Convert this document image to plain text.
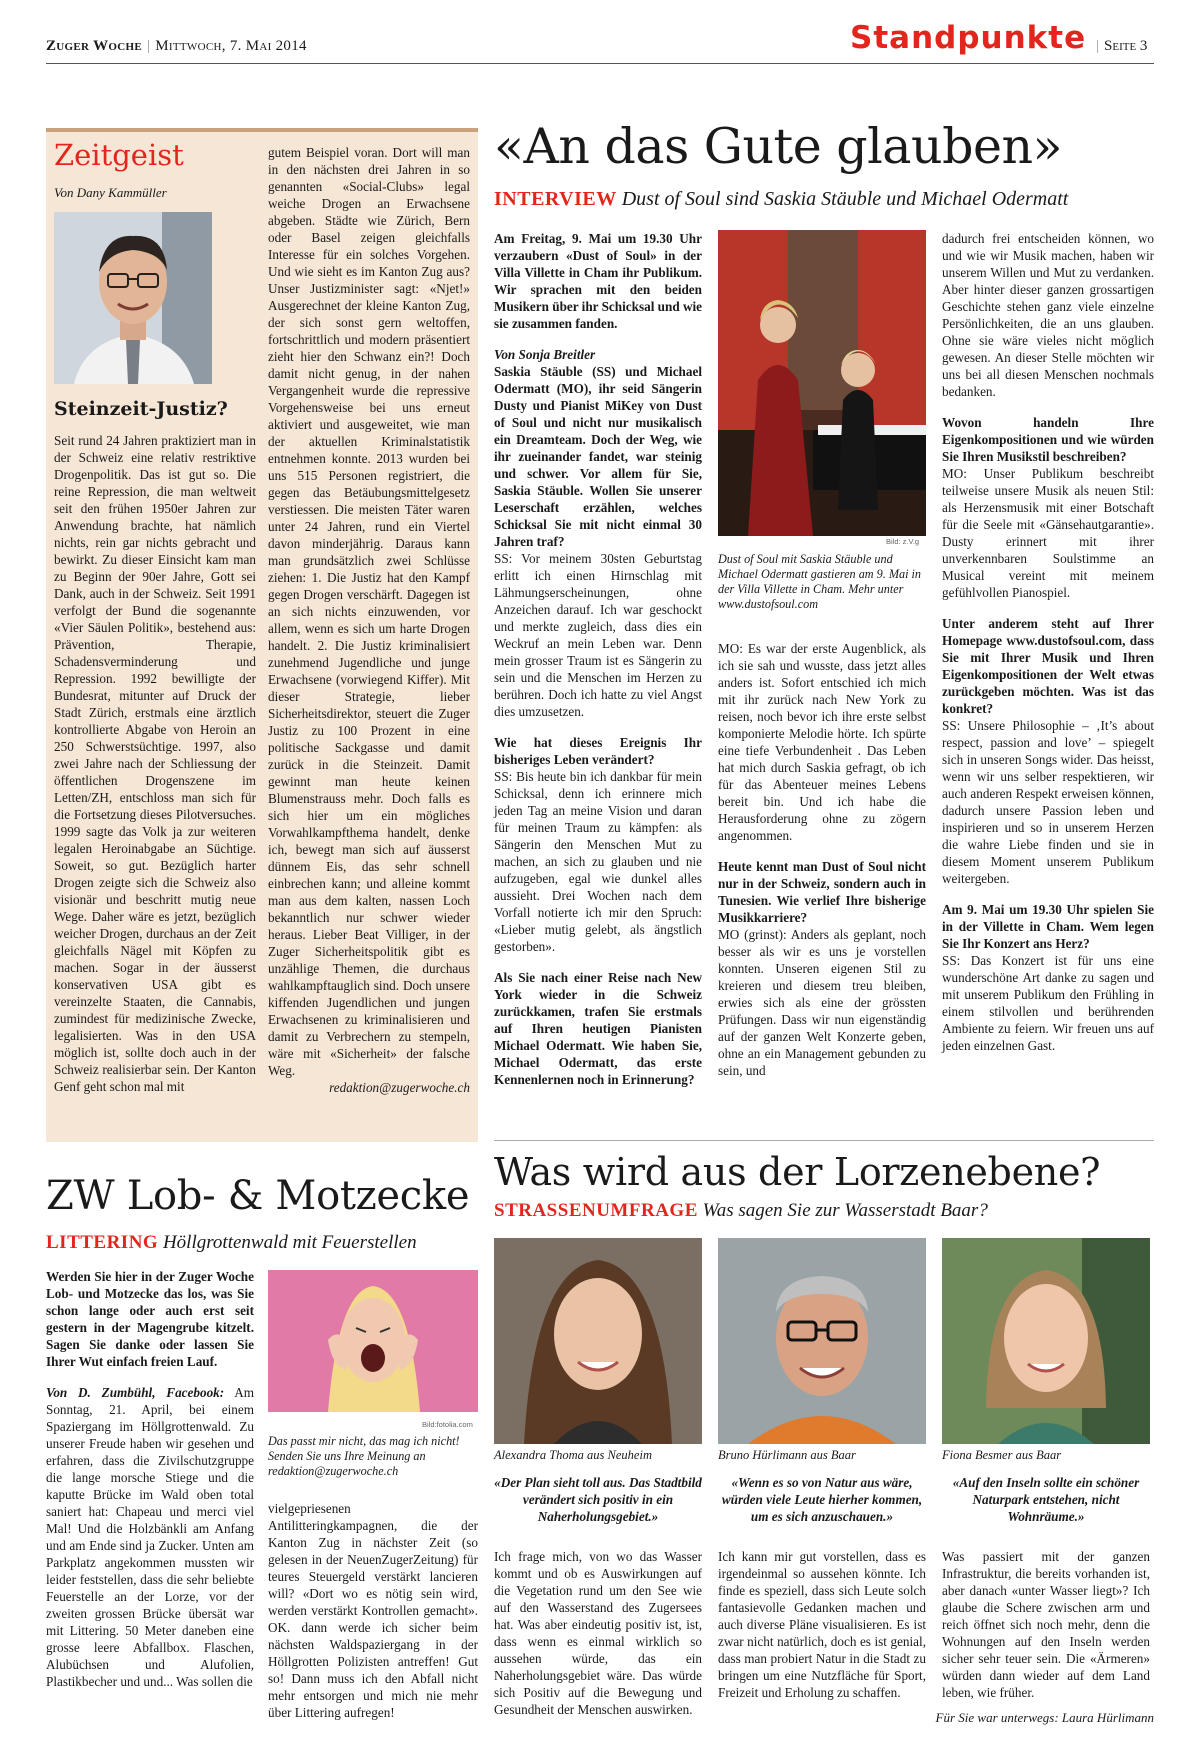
Zuger Woche | Mittwoch, 7. Mai 2014	Standpunkte | Seite 3
Zeitgeist
Von Dany Kammüller
Steinzeit-Justiz?

Seit rund 24 Jahren praktiziert man in der Schweiz eine relativ restriktive Drogenpolitik. Das ist gut so. Die reine Repression, die man weltweit seit den frühen 1950er Jahren zur Anwendung brachte, hat nämlich nichts, rein gar nichts gebracht und bewirkt. Zu dieser Einsicht kam man zu Beginn der 90er Jahre, Gott sei Dank, auch in der Schweiz. Seit 1991 verfolgt der Bund die sogenannte «Vier Säulen Politik», bestehend aus: Prävention, Therapie, Schadensverminderung und Repression. 1992 bewilligte der Bundesrat, mitunter auf Druck der Stadt Zürich, erstmals eine ärztlich kontrollierte Abgabe von Heroin an 250 Schwerstsüchtige. 1997, also zwei Jahre nach der Schliessung der öffentlichen Drogenszene im Letten/ZH, entschloss man sich für die Fortsetzung dieses Pilotversuches. 1999 sagte das Volk ja zur weiteren legalen Heroinabgabe an Süchtige. Soweit, so gut. Bezüglich harter Drogen zeigte sich die Schweiz also visionär und beschritt mutig neue Wege. Daher wäre es jetzt, bezüglich weicher Drogen, durchaus an der Zeit gleichfalls Nägel mit Köpfen zu machen. Sogar in der äusserst konservativen USA gibt es vereinzelte Staaten, die Cannabis, zumindest für medizinische Zwecke, legalisierten. Was in den USA möglich ist, sollte doch auch in der Schweiz realisierbar sein. Der Kanton Genf geht schon mal mit

gutem Beispiel voran. Dort will man in den nächsten drei Jahren in so genannten «Social-Clubs» legal weiche Drogen an Erwachsene abgeben. Städte wie Zürich, Bern oder Basel zeigen gleichfalls Interesse für ein solches Vorgehen. Und wie sieht es im Kanton Zug aus? Unser Justizminister sagt: «Njet!» Ausgerechnet der kleine Kanton Zug, der sich sonst gern weltoffen, fortschrittlich und modern präsentiert zieht hier den Schwanz ein?! Doch damit nicht genug, in der nahen Vergangenheit wurde die repressive Vorgehensweise bei uns erneut aktiviert und ausgeweitet, wie man der aktuellen Kriminalstatistik entnehmen konnte. 2013 wurden bei uns 515 Personen registriert, die gegen das Betäubungsmittelgesetz verstiessen. Die meisten Täter waren unter 24 Jahren, rund ein Viertel davon minderjährig. Daraus kann man grundsätzlich zwei Schlüsse ziehen: 1. Die Justiz hat den Kampf gegen Drogen verschärft. Dagegen ist an sich nichts einzuwenden, vor allem, wenn es sich um harte Drogen handelt. 2. Die Justiz kriminalisiert zunehmend Jugendliche und junge Erwachsene (vorwiegend Kiffer). Mit dieser Strategie, lieber Sicherheitsdirektor, steuert die Zuger Justiz zu 100 Prozent in eine politische Sackgasse und damit zurück in die Steinzeit. Damit gewinnt man heute keinen Blumenstrauss mehr. Doch falls es sich hier um ein mögliches Vorwahlkampfthema handelt, denke ich, bewegt man sich auf äusserst dünnem Eis, das sehr schnell einbrechen kann; und alleine kommt man aus dem kalten, nassen Loch bekanntlich nur schwer wieder heraus. Lieber Beat Villiger, in der Zuger Sicherheitspolitik gibt es unzählige Themen, die durchaus wahlkampftauglich sind. Doch unsere kiffenden Jugendlichen und jungen Erwachsenen zu kriminalisieren und damit zu Verbrechern zu stempeln, wäre mit «Sicherheit» der falsche Weg.

redaktion@zugerwoche.ch

«An das Gute glauben»
INTERVIEW Dust of Soul sind Saskia Stäuble und Michael Odermatt

Am Freitag, 9. Mai um 19.30 Uhr verzaubern «Dust of Soul» in der Villa Villette in Cham ihr Publikum. Wir sprachen mit den beiden Musikern über ihr Schicksal und wie sie zusammen fanden.

Von Sonja Breitler

Saskia Stäuble (SS) und Michael Odermatt (MO), ihr seid Sängerin Dusty und Pianist MiKey von Dust of Soul und nicht nur musikalisch ein Dreamteam. Doch der Weg, wie ihr zueinander fandet, war steinig und schwer. Vor allem für Sie, Saskia Stäuble. Wollen Sie unserer Leserschaft erzählen, welches Schicksal Sie mit nicht einmal 30 Jahren traf?

SS: Vor meinem 30sten Geburtstag erlitt ich einen Hirnschlag mit Lähmungserscheinungen, ohne Anzeichen darauf. Ich war geschockt und merkte zugleich, dass dies ein Weckruf an mein Leben war. Denn mein grosser Traum ist es Sängerin zu sein und die Menschen im Herzen zu berühren. Doch ich hatte zu viel Angst dies umzusetzen.

Wie hat dieses Ereignis Ihr bisheriges Leben verändert?

SS: Bis heute bin ich dankbar für mein Schicksal, denn ich erinnere mich jeden Tag an meine Vision und daran für meinen Traum zu kämpfen: als Sängerin den Menschen Mut zu machen, an sich zu glauben und nie aufzugeben, egal wie dunkel alles aussieht. Drei Wochen nach dem Vorfall notierte ich mir den Spruch: «Lieber mutig gelebt, als ängstlich gestorben».

Als Sie nach einer Reise nach New York wieder in die Schweiz zurückkamen, trafen Sie erstmals auf Ihren heutigen Pianisten Michael Odermatt. Wie haben Sie, Michael Odermatt, das erste Kennenlernen noch in Erinnerung?

Bild: z.V.g
Dust of Soul mit Saskia Stäuble und Michael Odermatt gastieren am 9. Mai in der Villa Villette in Cham. Mehr unter www.dustofsoul.com

MO: Es war der erste Augenblick, als ich sie sah und wusste, dass jetzt alles anders ist. Sofort entschied ich mich mit ihr zurück nach New York zu reisen, noch bevor ich ihre erste selbst komponierte Melodie hörte. Ich spürte eine tiefe Verbundenheit . Das Leben hat mich durch Saskia gefragt, ob ich für das Abenteuer meines Lebens bereit bin. Und ich habe die Herausforderung ohne zu zögern angenommen.

Heute kennt man Dust of Soul nicht nur in der Schweiz, sondern auch in Tunesien. Wie verlief Ihre bisherige Musikkarriere?

MO (grinst): Anders als geplant, noch besser als wir es uns je vorstellen konnten. Unseren eigenen Stil zu kreieren und diesem treu bleiben, erwies sich als eine der grössten Prüfungen. Dass wir nun eigenständig auf der ganzen Welt Konzerte geben, ohne an ein Management gebunden zu sein, und

dadurch frei entscheiden können, wo und wie wir Musik machen, haben wir unserem Willen und Mut zu verdanken. Aber hinter dieser ganzen grossartigen Geschichte stehen ganz viele einzelne Persönlichkeiten, die an uns glauben. Ohne sie wäre vieles nicht möglich gewesen. An dieser Stelle möchten wir uns bei all diesen Menschen nochmals bedanken.

Wovon handeln Ihre Eigenkompositionen und wie würden Sie Ihren Musikstil beschreiben?

MO: Unser Publikum beschreibt teilweise unsere Musik als neuen Stil: als Herzensmusik mit einer Botschaft für die Seele mit «Gänsehautgarantie». Dusty erinnert mit ihrer unverkennbaren Soulstimme an Musical vereint mit meinem gefühlvollen Pianospiel.

Unter anderem steht auf Ihrer Homepage www.dustofsoul.com, dass Sie mit Ihrer Musik und Ihren Eigenkompositionen der Welt etwas zurückgeben möchten. Was ist das konkret?

SS: Unsere Philosophie – ‚It’s about respect, passion and love’ – spiegelt sich in unseren Songs wider. Das heisst, wenn wir uns selber respektieren, wir auch anderen Respekt erweisen können, dadurch unsere Passion leben und inspirieren und so in unserem Herzen die wahre Liebe finden und sie in diesem Moment unserem Publikum weitergeben.

Am 9. Mai um 19.30 Uhr spielen Sie in der Villette in Cham. Wem legen Sie Ihr Konzert ans Herz?

SS: Das Konzert ist für uns eine wunderschöne Art danke zu sagen und mit unserem Publikum den Frühling in einem stilvollen und berührenden Ambiente zu feiern. Wir freuen uns auf jeden einzelnen Gast.

ZW Lob- & Motzecke
LITTERING Höllgrottenwald mit Feuerstellen

Werden Sie hier in der Zuger Woche Lob- und Motzecke das los, was Sie schon lange oder auch erst seit gestern in der Magengrube kitzelt. Sagen Sie danke oder lassen Sie Ihrer Wut einfach freien Lauf.

Von D. Zumbühl, Facebook: Am Sonntag, 21. April, bei einem Spaziergang im Höllgrottenwald. Zu unserer Freude haben wir gesehen und erfahren, dass die Zivilschutzgruppe die lange morsche Stiege und die kaputte Brücke im Wald oben total saniert hat: Chapeau und merci viel Mal! Und die Holzbänkli am Anfang und am Ende sind ja Zucker. Unten am Parkplatz angekommen mussten wir leider feststellen, dass die sehr beliebte Feuerstelle an der Lorze, vor der zweiten grossen Brücke übersät war mit Littering. 50 Meter daneben eine grosse leere Abfallbox. Flaschen, Alubüchsen und Alufolien, Plastikbecher und und... Was sollen die

Bild:fotolia.com
Das passt mir nicht, das mag ich nicht! Senden Sie uns Ihre Meinung an redaktion@zugerwoche.ch

vielgepriesenen Antilitteringkampagnen, die der Kanton Zug in nächster Zeit (so gelesen in der NeuenZugerZeitung) für teures Steuergeld verstärkt lancieren will? «Dort wo es nötig sein wird, werden verstärkt Kontrollen gemacht». OK. dann werde ich sicher beim nächsten Waldspaziergang in der Höllgrotten Polizisten antreffen! Gut so! Dann muss ich den Abfall nicht mehr entsorgen und mich nie mehr über Littering aufregen!

Was wird aus der Lorzenebene?
STRASSENUMFRAGE Was sagen Sie zur Wasserstadt Baar?
Alexandra Thoma aus Neuheim	Bruno Hürlimann aus Baar	Fiona Besmer aus Baar
«Der Plan sieht toll aus. Das Stadtbild verändert sich positiv in ein Naherholungsgebiet.»
«Wenn es so von Natur aus wäre, würden viele Leute hierher kommen, um es sich anzuschauen.»
«Auf den Inseln sollte ein schöner Naturpark entstehen, nicht Wohnräume.»
Ich frage mich, von wo das Wasser kommt und ob es Auswirkungen auf die Vegetation rund um den See wie auf den Wasserstand des Zugersees hat. Was aber eindeutig positiv ist, ist, dass wenn es einmal wirklich so aussehen würde, das ein Naherholungsgebiet wäre. Das würde sich Positiv auf die Bewegung und Gesundheit der Menschen auswirken.
Ich kann mir gut vorstellen, dass es irgendeinmal so aussehen könnte. Ich finde es speziell, dass sich Leute solch fantasievolle Gedanken machen und auch diverse Pläne visualisieren. Es ist zwar nicht natürlich, doch es ist genial, dass man probiert Natur in die Stadt zu bringen um eine Nutzfläche für Sport, Freizeit und Erholung zu schaffen.
Was passiert mit der ganzen Infrastruktur, die bereits vorhanden ist, aber danach «unter Wasser liegt»? Ich glaube die Schere zwischen arm und reich öffnet sich noch mehr, denn die Wohnungen auf den Inseln werden sicher sehr teuer sein. Die «Ärmeren» würden dann wieder auf dem Land leben, wie früher.
Für Sie war unterwegs: Laura Hürlimann
